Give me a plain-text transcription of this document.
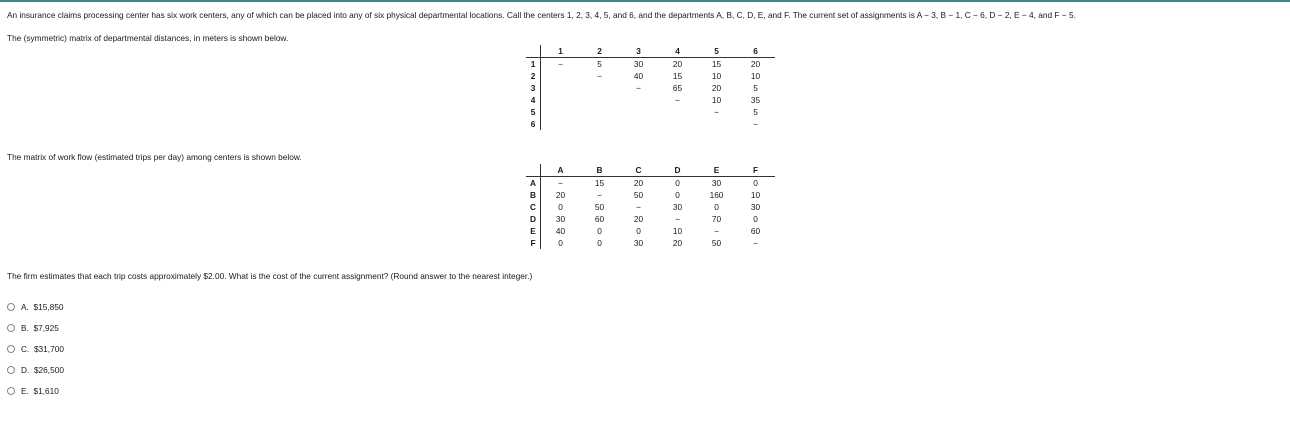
An insurance claims processing center has six work centers, any of which can be placed into any of six physical departmental locations. Call the centers 1, 2, 3, 4, 5, and 6, and the departments A, B, C, D, E, and F. The current set of assignments is A − 3, B − 1, C − 6, D − 2, E − 4, and F − 5.
The (symmetric) matrix of departmental distances, in meters is shown below.
	1	2	3	4	5	6
1	−	5	30	20	15	20
2		−	40	15	10	10
3			−	65	20	5
4				−	10	35
5					−	5
6						−
The matrix of work flow (estimated trips per day) among centers is shown below.
	A	B	C	D	E	F
A	−	15	20	0	30	0
B	20	−	50	0	160	10
C	0	50	−	30	0	30
D	30	60	20	−	70	0
E	40	0	0	10	−	60
F	0	0	30	20	50	−
The firm estimates that each trip costs approximately $2.00. What is the cost of the current assignment? (Round answer to the nearest integer.)
A.
$15,850
B.
$7,925
C.
$31,700
D.
$26,500
E.
$1,610
